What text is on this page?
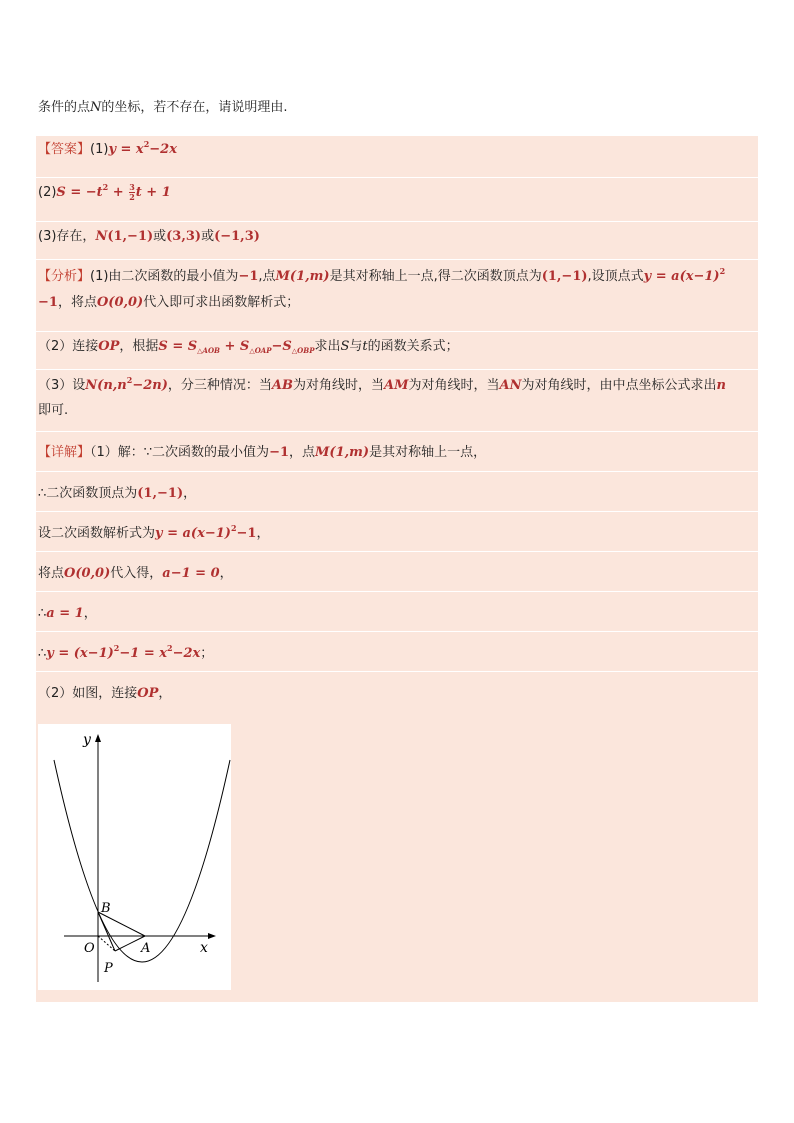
条件的点N的坐标，若不存在，请说明理由.
【答案】$(1)y = x^2-2x$
$(2)S = -t^2 + \frac{3}{2}$ t + 1
(3)存在，N(1,−1)或(3,3)或(−1,3)
【分析】(1)由二次函数的最小值为−1,点M(1,m)是其对称轴上一点,得二次函数顶点为(1,−1),设顶点式$y = a(x-1)^2$
−1，将点O(0,0)代入即可求出函数解析式；
（2）连接OP，根据$S = S_{\triangle AOB} + S_{\triangle OAP}-S_{\triangle OBP}$求出S与t的函数关系式；
（3）设$N(n,n^2-2n)$，分三种情况：当AB为对角线时，当AM为对角线时，当AN为对角线时，由中点坐标公式求出n
即可.
【详解】（1）解：∵二次函数的最小值为−1，点M(1,m)是其对称轴上一点，
∴二次函数顶点为(1,−1)，
设二次函数解析式为$y = a(x-1)^2-1$，
将点O(0,0)代入得，a−1 = 0，
∴a = 1，
∴y = $(x-1)^2-1 = x^2-2x$；
（2）如图，连接OP，
y
x
B
O	A
P
